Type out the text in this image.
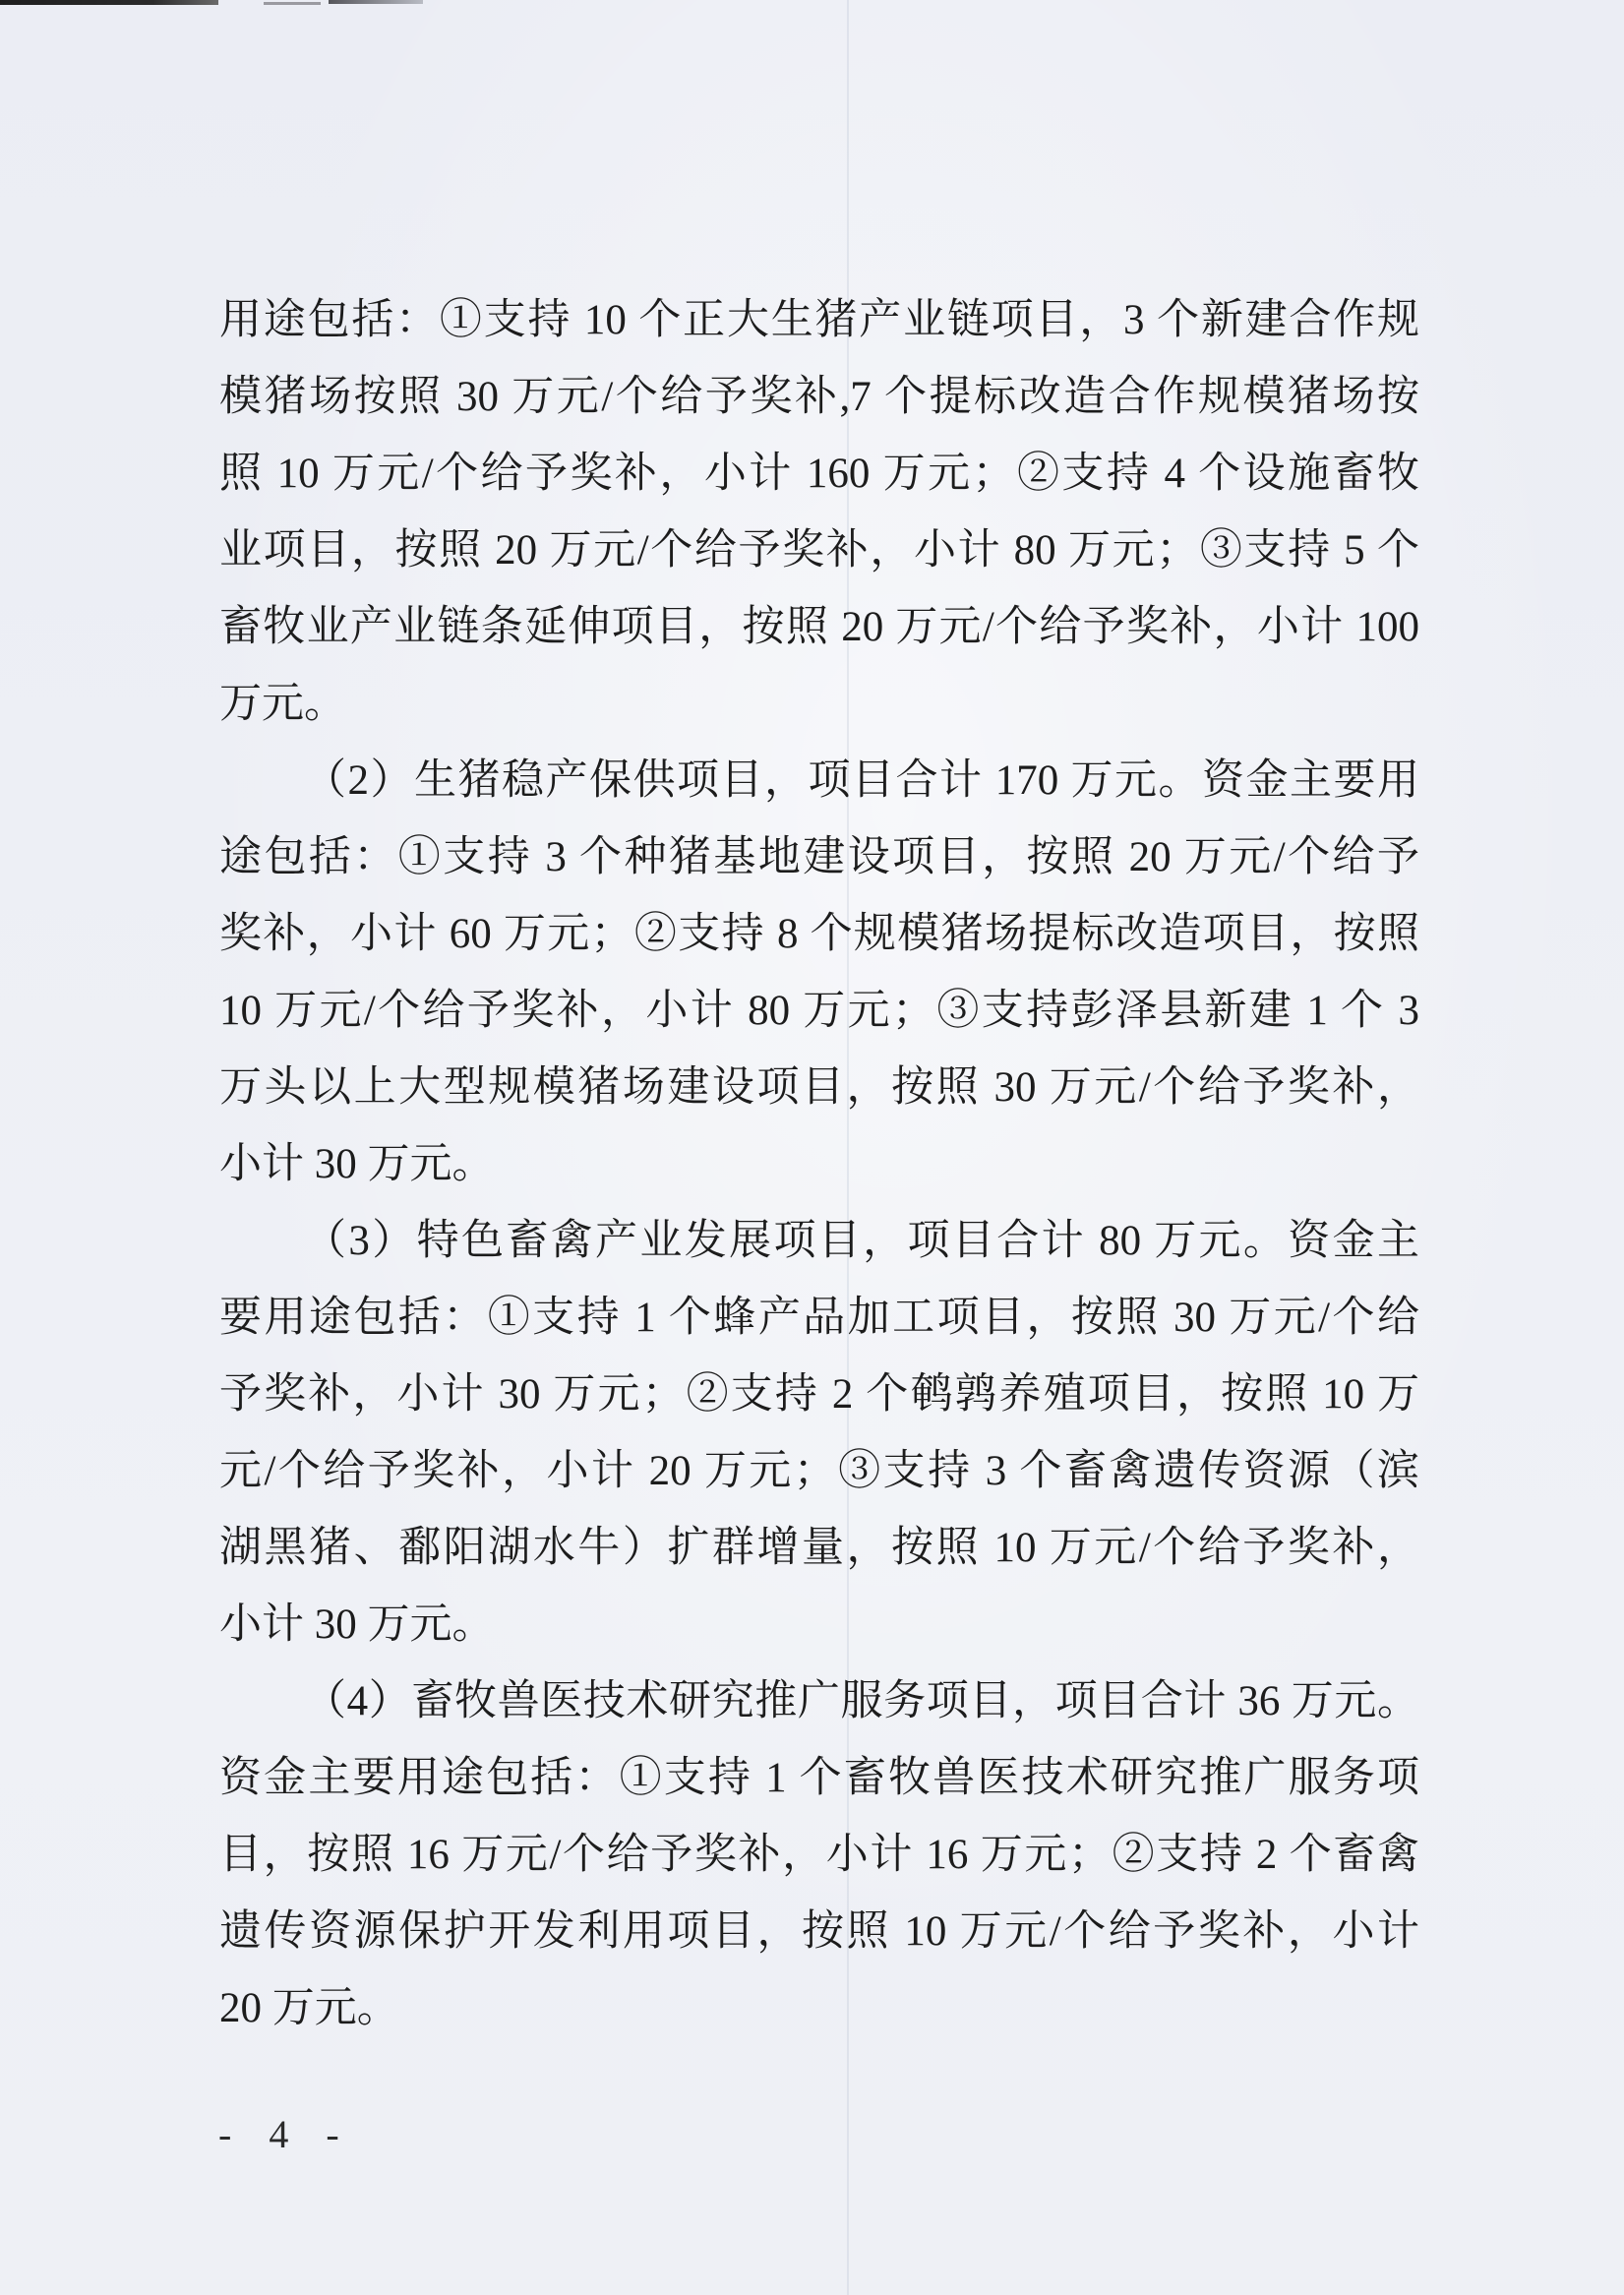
用途包括：①支持 10 个正大生猪产业链项目，3 个新建合作规
模猪场按照 30 万元/个给予奖补,7 个提标改造合作规模猪场按
照 10 万元/个给予奖补，小计 160 万元；②支持 4 个设施畜牧
业项目，按照 20 万元/个给予奖补，小计 80 万元；③支持 5 个
畜牧业产业链条延伸项目，按照 20 万元/个给予奖补，小计 100
万元。
（2）生猪稳产保供项目，项目合计 170 万元。资金主要用
途包括：①支持 3 个种猪基地建设项目，按照 20 万元/个给予
奖补，小计 60 万元；②支持 8 个规模猪场提标改造项目，按照
10 万元/个给予奖补，小计 80 万元；③支持彭泽县新建 1 个 3
万头以上大型规模猪场建设项目，按照 30 万元/个给予奖补，
小计 30 万元。
（3）特色畜禽产业发展项目，项目合计 80 万元。资金主
要用途包括：①支持 1 个蜂产品加工项目，按照 30 万元/个给
予奖补，小计 30 万元；②支持 2 个鹌鹑养殖项目，按照 10 万
元/个给予奖补，小计 20 万元；③支持 3 个畜禽遗传资源（滨
湖黑猪、鄱阳湖水牛）扩群增量，按照 10 万元/个给予奖补，
小计 30 万元。
（4）畜牧兽医技术研究推广服务项目，项目合计 36 万元。
资金主要用途包括：①支持 1 个畜牧兽医技术研究推广服务项
目，按照 16 万元/个给予奖补，小计 16 万元；②支持 2 个畜禽
遗传资源保护开发利用项目，按照 10 万元/个给予奖补，小计
20 万元。
- 4 -
